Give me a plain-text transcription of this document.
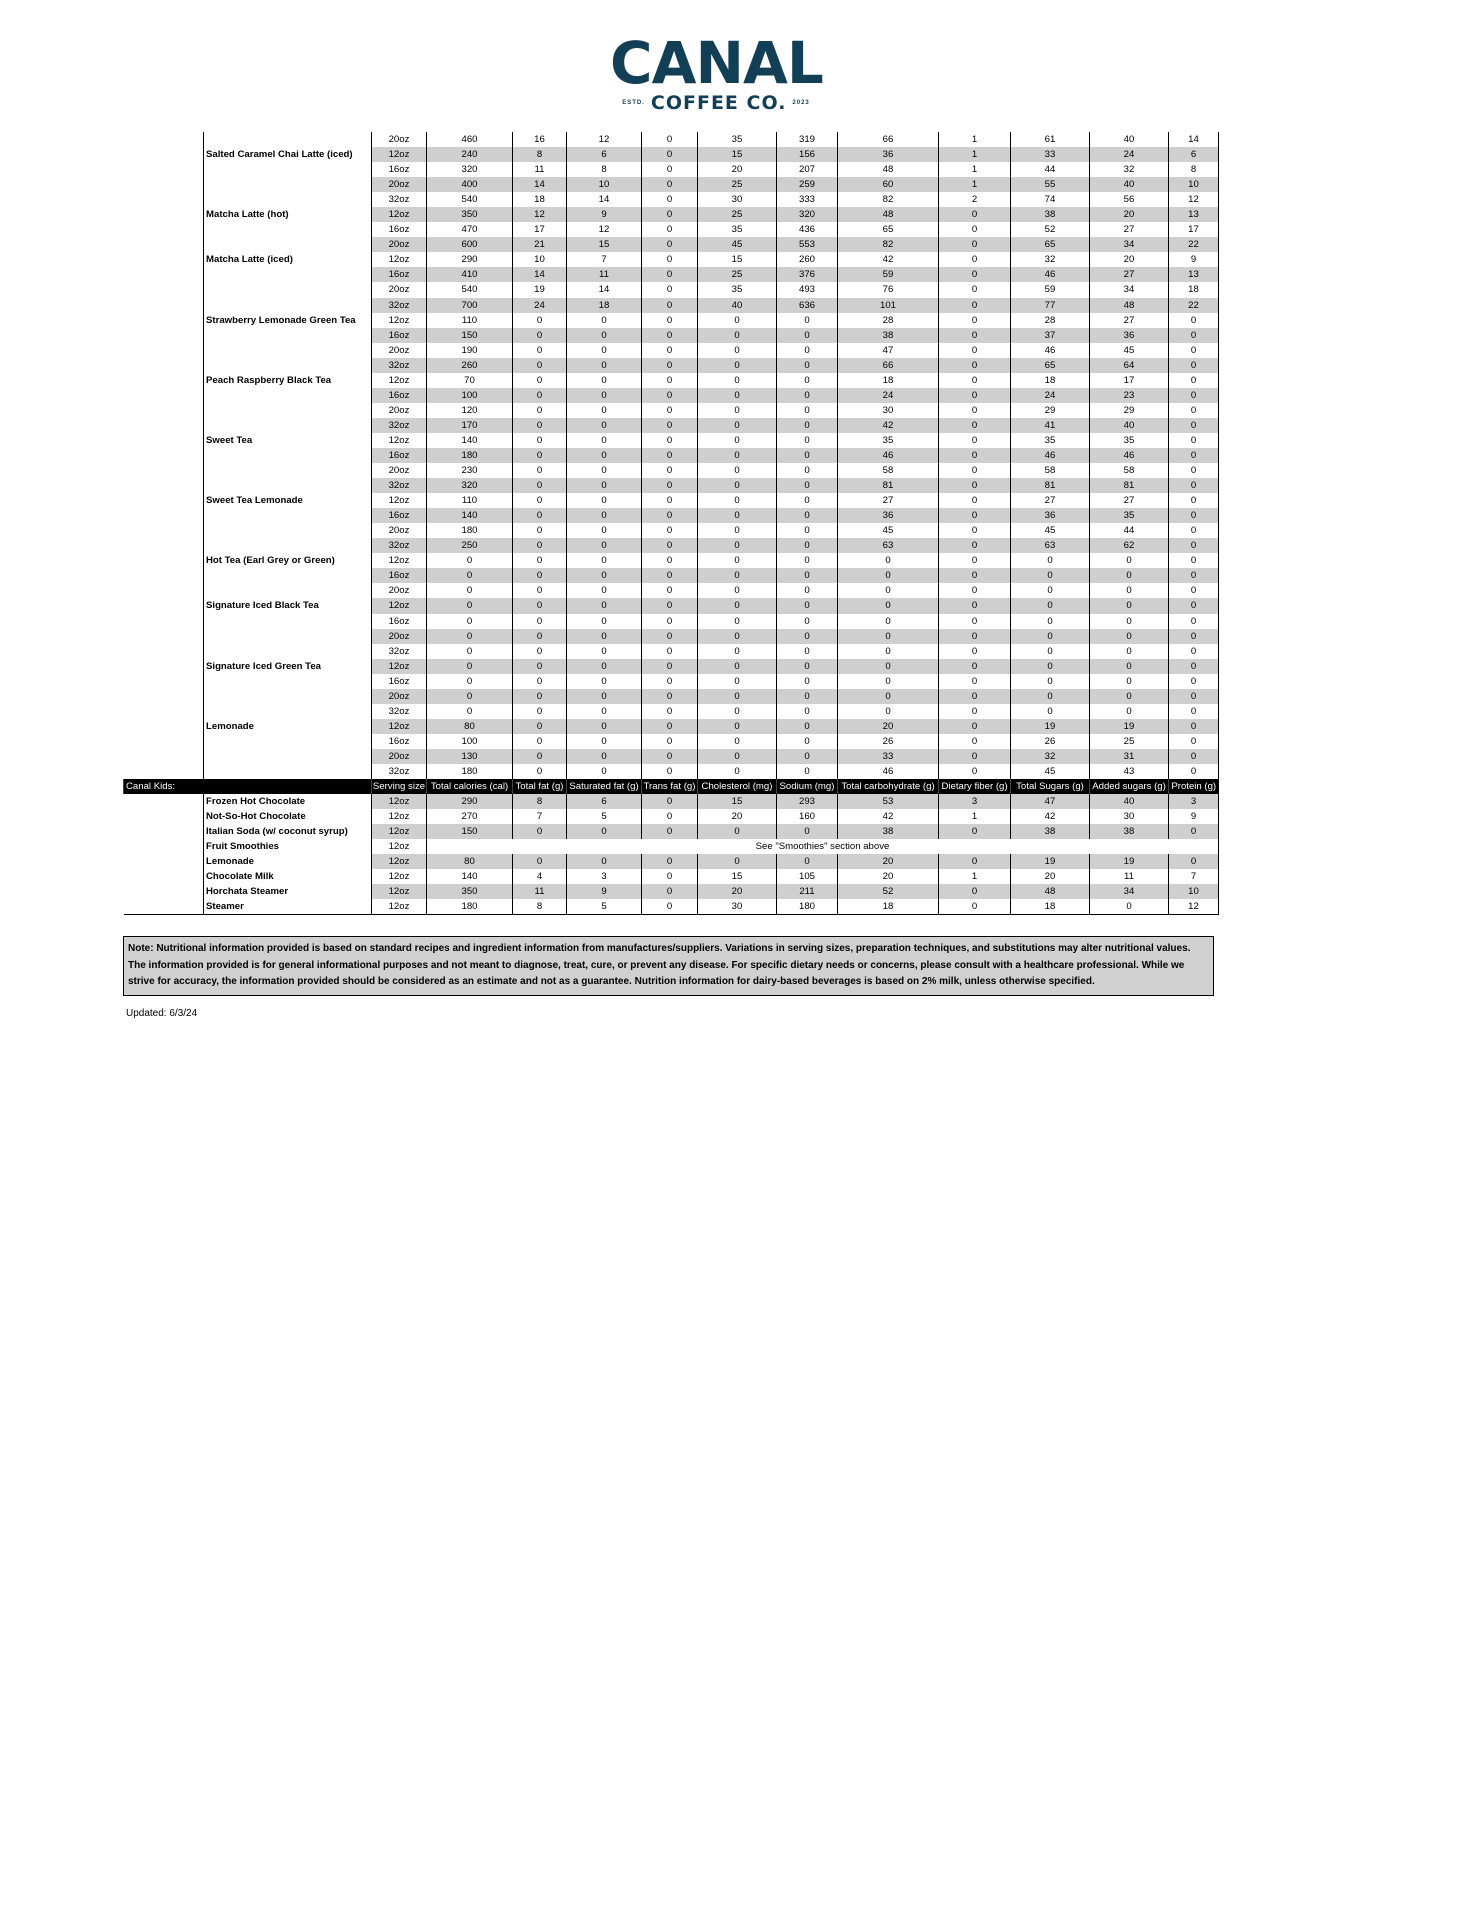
CANAL
ESTD. COFFEE CO. 2023
		20oz	460	16	12	0	35	319	66	1	61	40	14
	Salted Caramel Chai Latte (iced)	12oz	240	8	6	0	15	156	36	1	33	24	6
		16oz	320	11	8	0	20	207	48	1	44	32	8
		20oz	400	14	10	0	25	259	60	1	55	40	10
		32oz	540	18	14	0	30	333	82	2	74	56	12
	Matcha Latte (hot)	12oz	350	12	9	0	25	320	48	0	38	20	13
		16oz	470	17	12	0	35	436	65	0	52	27	17
		20oz	600	21	15	0	45	553	82	0	65	34	22
	Matcha Latte (iced)	12oz	290	10	7	0	15	260	42	0	32	20	9
		16oz	410	14	11	0	25	376	59	0	46	27	13
		20oz	540	19	14	0	35	493	76	0	59	34	18
		32oz	700	24	18	0	40	636	101	0	77	48	22
	Strawberry Lemonade Green Tea	12oz	110	0	0	0	0	0	28	0	28	27	0
		16oz	150	0	0	0	0	0	38	0	37	36	0
		20oz	190	0	0	0	0	0	47	0	46	45	0
		32oz	260	0	0	0	0	0	66	0	65	64	0
	Peach Raspberry Black Tea	12oz	70	0	0	0	0	0	18	0	18	17	0
		16oz	100	0	0	0	0	0	24	0	24	23	0
		20oz	120	0	0	0	0	0	30	0	29	29	0
		32oz	170	0	0	0	0	0	42	0	41	40	0
	Sweet Tea	12oz	140	0	0	0	0	0	35	0	35	35	0
		16oz	180	0	0	0	0	0	46	0	46	46	0
		20oz	230	0	0	0	0	0	58	0	58	58	0
		32oz	320	0	0	0	0	0	81	0	81	81	0
	Sweet Tea Lemonade	12oz	110	0	0	0	0	0	27	0	27	27	0
		16oz	140	0	0	0	0	0	36	0	36	35	0
		20oz	180	0	0	0	0	0	45	0	45	44	0
		32oz	250	0	0	0	0	0	63	0	63	62	0
	Hot Tea (Earl Grey or Green)	12oz	0	0	0	0	0	0	0	0	0	0	0
		16oz	0	0	0	0	0	0	0	0	0	0	0
		20oz	0	0	0	0	0	0	0	0	0	0	0
	Signature Iced Black Tea	12oz	0	0	0	0	0	0	0	0	0	0	0
		16oz	0	0	0	0	0	0	0	0	0	0	0
		20oz	0	0	0	0	0	0	0	0	0	0	0
		32oz	0	0	0	0	0	0	0	0	0	0	0
	Signature Iced Green Tea	12oz	0	0	0	0	0	0	0	0	0	0	0
		16oz	0	0	0	0	0	0	0	0	0	0	0
		20oz	0	0	0	0	0	0	0	0	0	0	0
		32oz	0	0	0	0	0	0	0	0	0	0	0
	Lemonade	12oz	80	0	0	0	0	0	20	0	19	19	0
		16oz	100	0	0	0	0	0	26	0	26	25	0
		20oz	130	0	0	0	0	0	33	0	32	31	0
		32oz	180	0	0	0	0	0	46	0	45	43	0
Canal Kids:		Serving size	Total calories (cal)	Total fat (g)	Saturated fat (g)	Trans fat (g)	Cholesterol (mg)	Sodium (mg)	Total carbohydrate (g)	Dietary fiber (g)	Total Sugars (g)	Added sugars (g)	Protein (g)
	Frozen Hot Chocolate	12oz	290	8	6	0	15	293	53	3	47	40	3
	Not-So-Hot Chocolate	12oz	270	7	5	0	20	160	42	1	42	30	9
	Italian Soda (w/ coconut syrup)	12oz	150	0	0	0	0	0	38	0	38	38	0
	Fruit Smoothies	12oz	See "Smoothies" section above										
	Lemonade	12oz	80	0	0	0	0	0	20	0	19	19	0
	Chocolate Milk	12oz	140	4	3	0	15	105	20	1	20	11	7
	Horchata Steamer	12oz	350	11	9	0	20	211	52	0	48	34	10
	Steamer	12oz	180	8	5	0	30	180	18	0	18	0	12
Note: Nutritional information provided is based on standard recipes and ingredient information from manufactures/suppliers. Variations in serving sizes, preparation techniques, and substitutions may alter nutritional values. The information provided is for general informational purposes and not meant to diagnose, treat, cure, or prevent any disease. For specific dietary needs or concerns, please consult with a healthcare professional. While we strive for accuracy, the information provided should be considered as an estimate and not as a guarantee. Nutrition information for dairy-based beverages is based on 2% milk, unless otherwise specified.
Updated: 6/3/24
